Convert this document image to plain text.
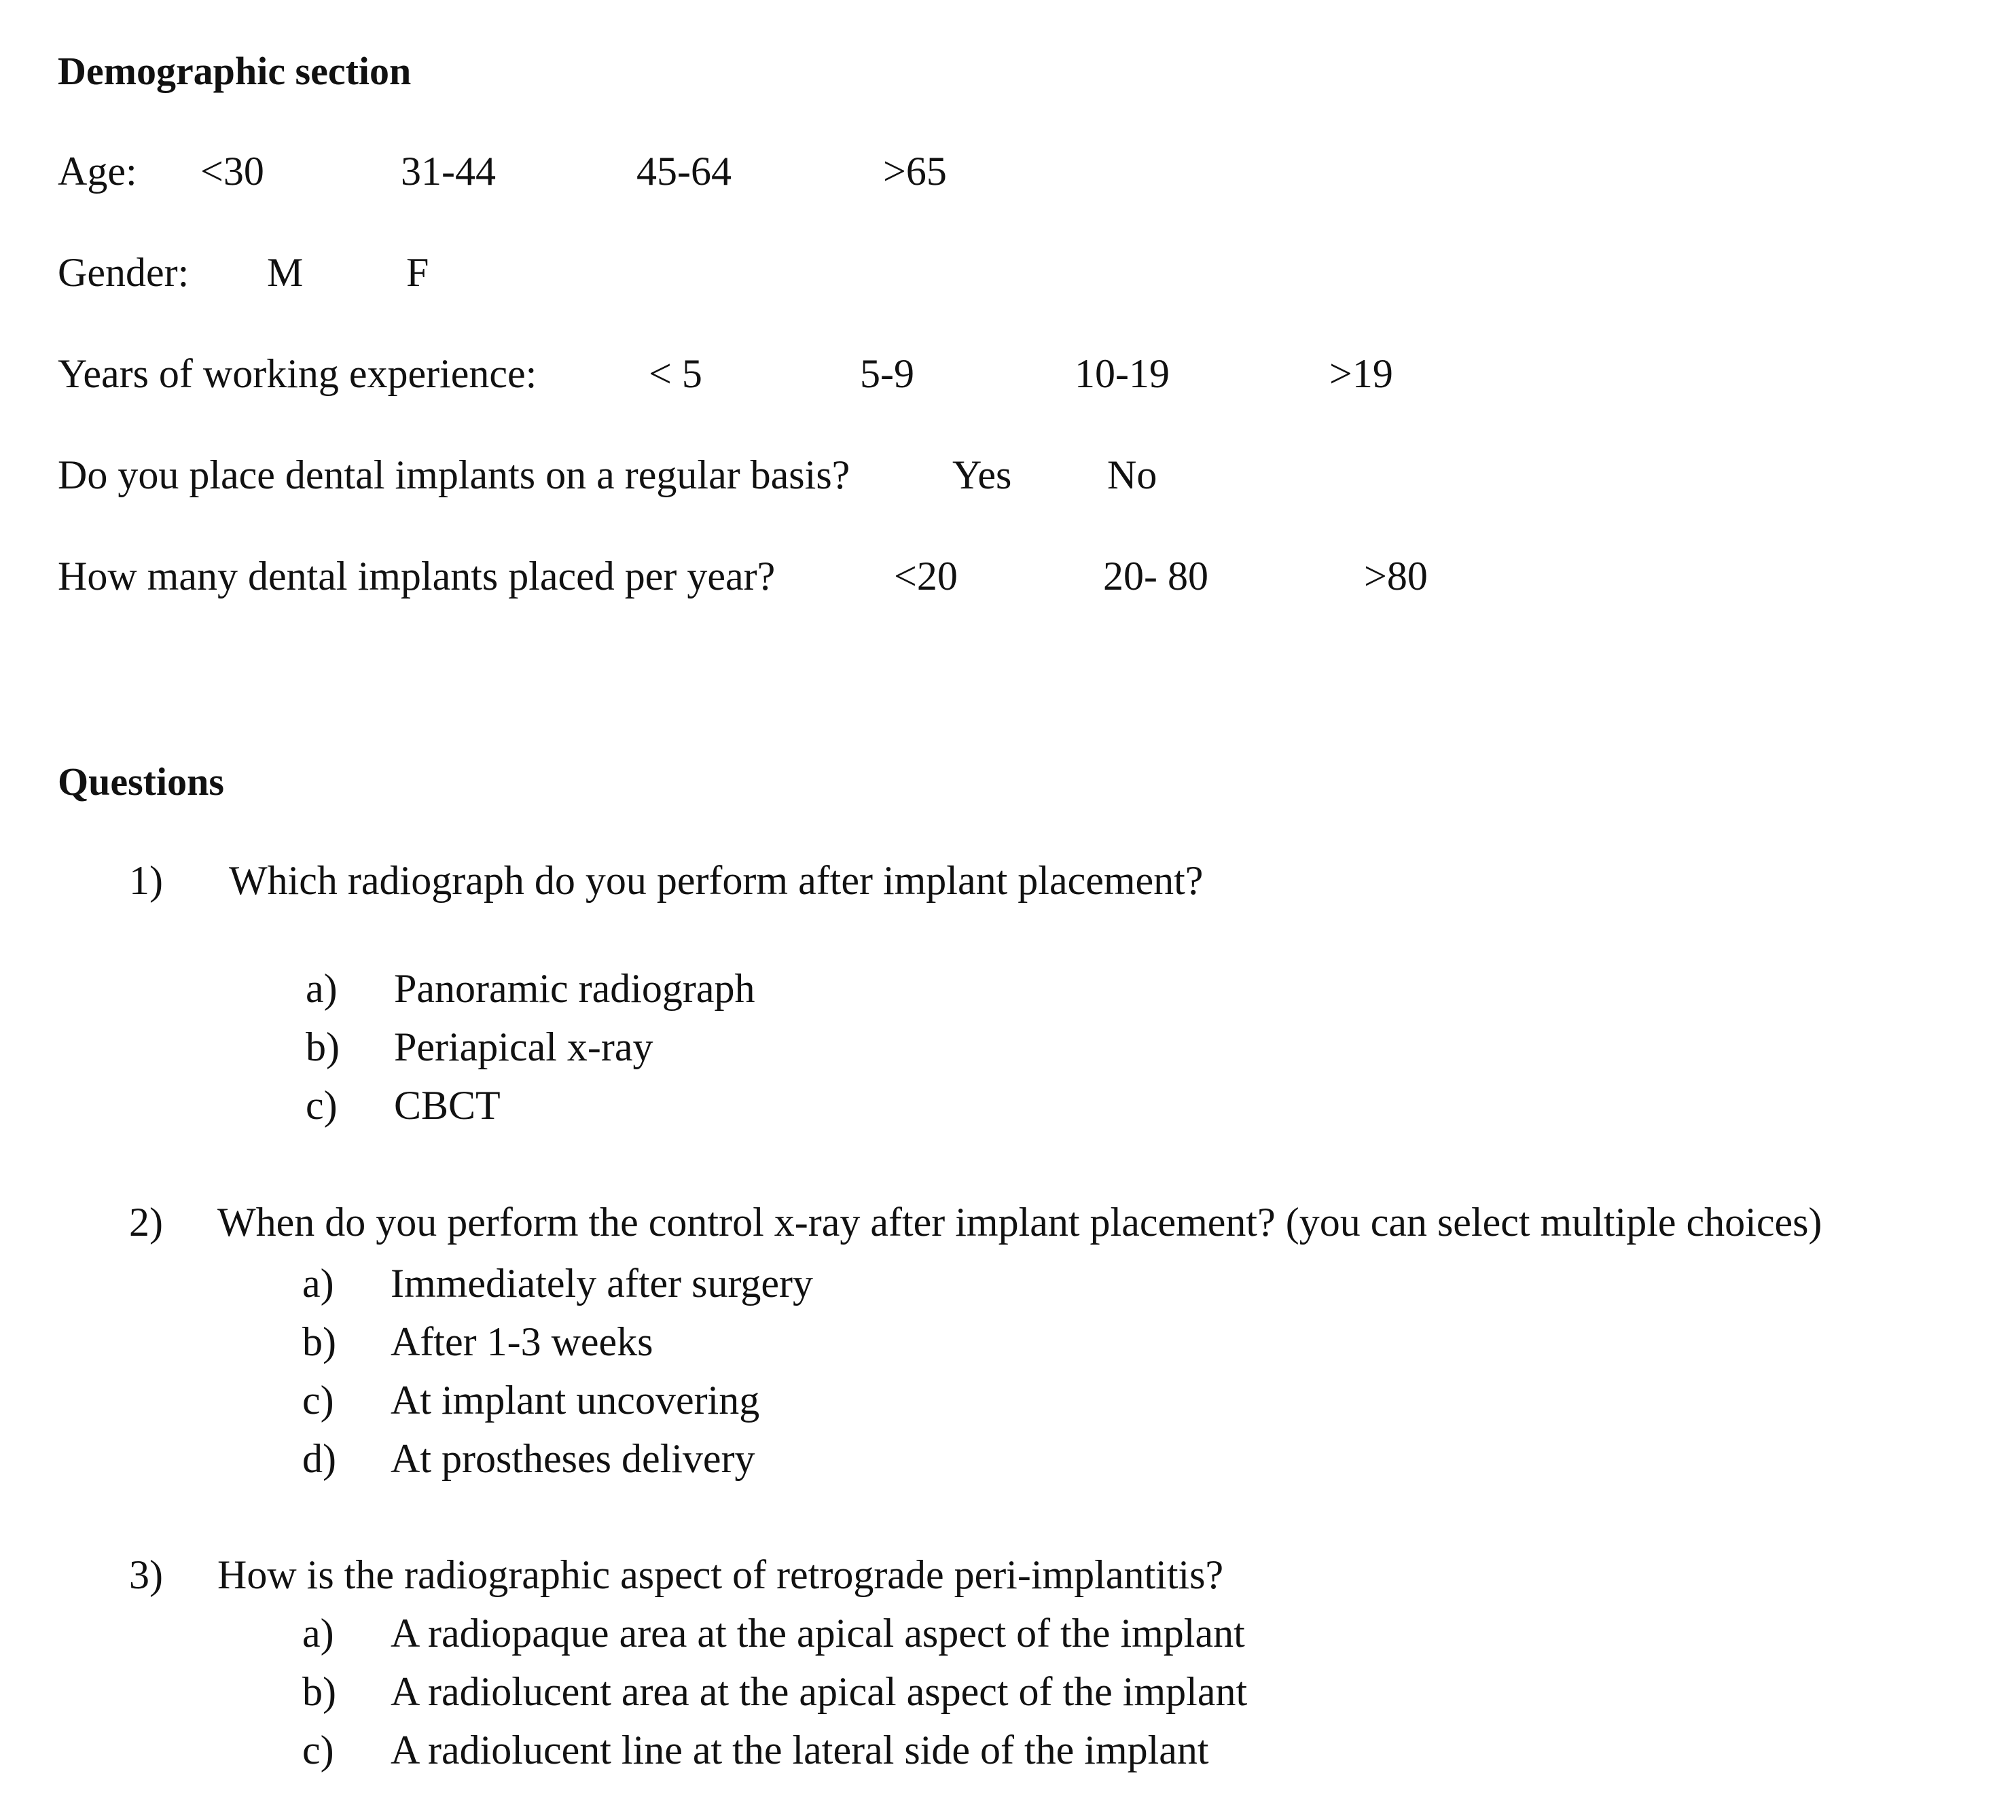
Demographic section
Age: <30	31-44	45-64	>65
Gender: M	F
Years of working experience:	< 5	5-9	10-19	>19
Do you place dental implants on a regular basis?	Yes No
How many dental implants placed per year?	<20	20- 80	>80
Questions
1) Which radiograph do you perform after implant placement?
a) Panoramic radiograph
b) Periapical x-ray
c) CBCT
2) When do you perform the control x-ray after implant placement? (you can select multiple choices)
a) Immediately after surgery
b) After 1-3 weeks
c) At implant uncovering
d) At prostheses delivery
3) How is the radiographic aspect of retrograde peri-implantitis?
a) A radiopaque area at the apical aspect of the implant
b) A radiolucent area at the apical aspect of the implant
c) A radiolucent line at the lateral side of the implant
